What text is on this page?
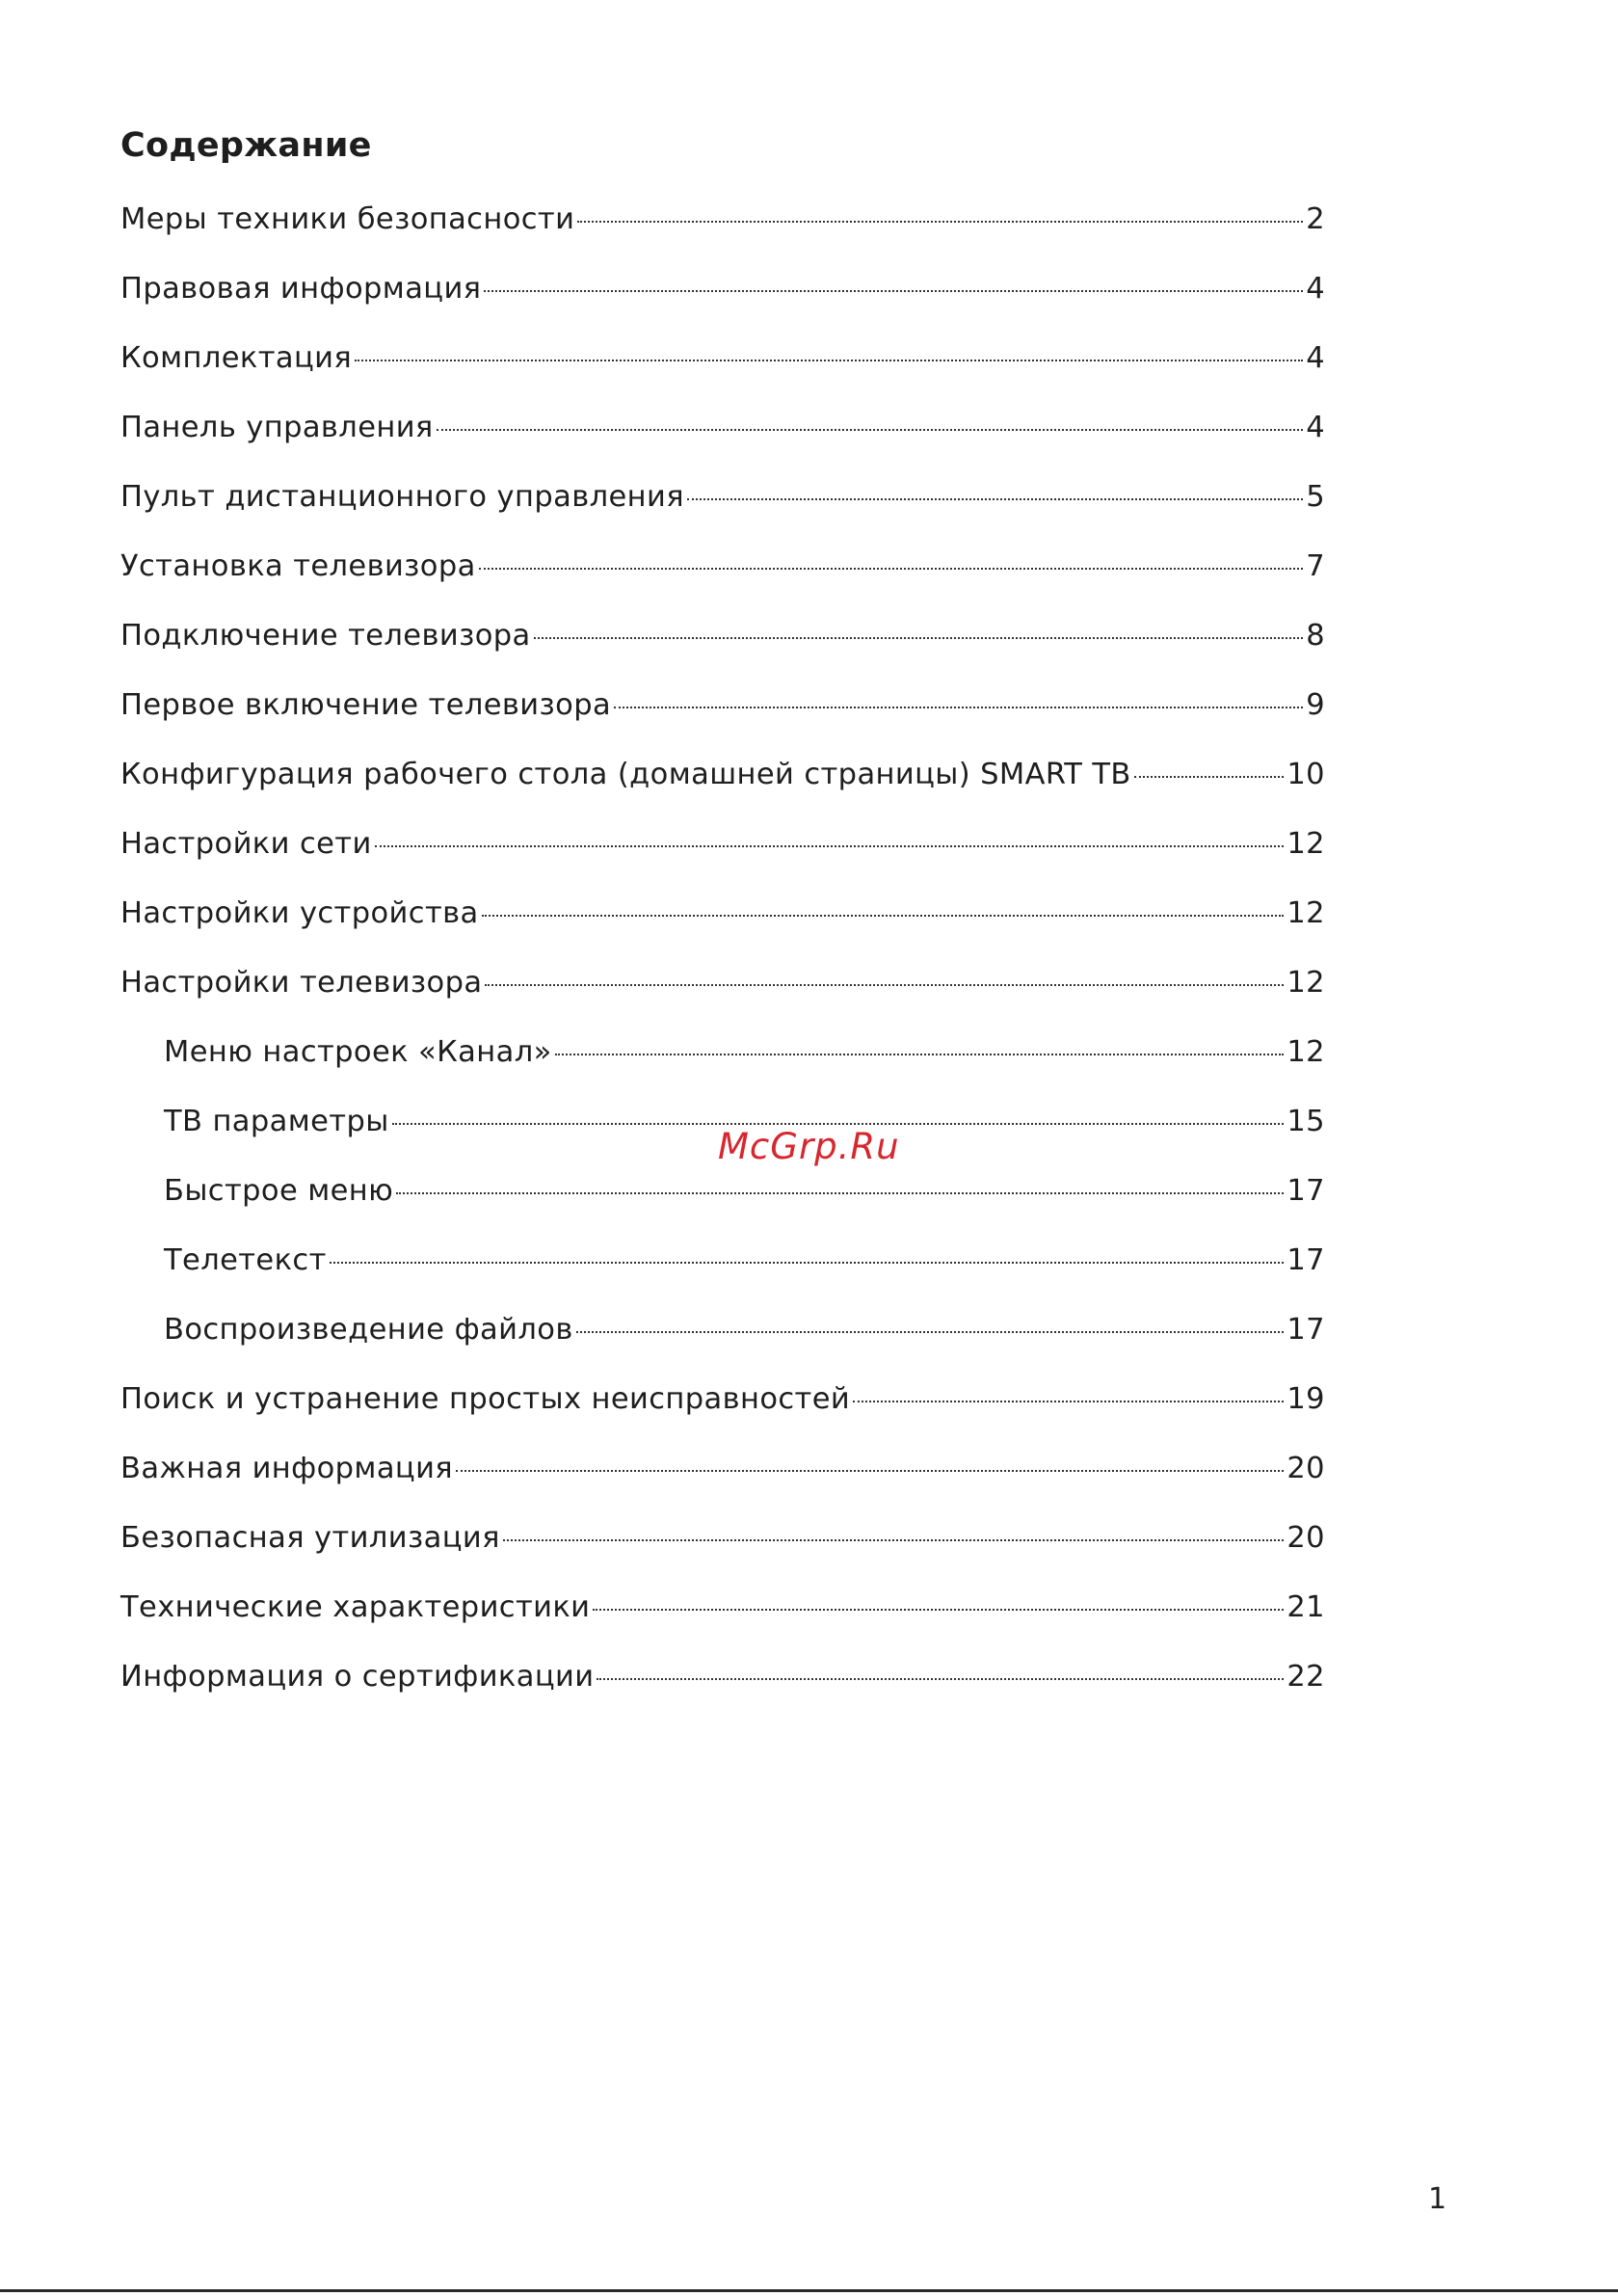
Содержание
Меры техники безопасности	2
Правовая информация	4
Комплектация	4
Панель управления	4
Пульт дистанционного управления	5
Установка телевизора	7
Подключение телевизора	8
Первое включение телевизора	9
Конфигурация рабочего стола (домашней страницы) SMART ТВ	10
Настройки сети	12
Настройки устройства	12
Настройки телевизора	12
Меню настроек «Канал»	12
ТВ параметры	15
Быстрое меню	17
Телетекст	17
Воспроизведение файлов	17
Поиск и устранение простых неисправностей	19
Важная информация	20
Безопасная утилизация	20
Технические характеристики	21
Информация о сертификации	22
McGrp.Ru
1
